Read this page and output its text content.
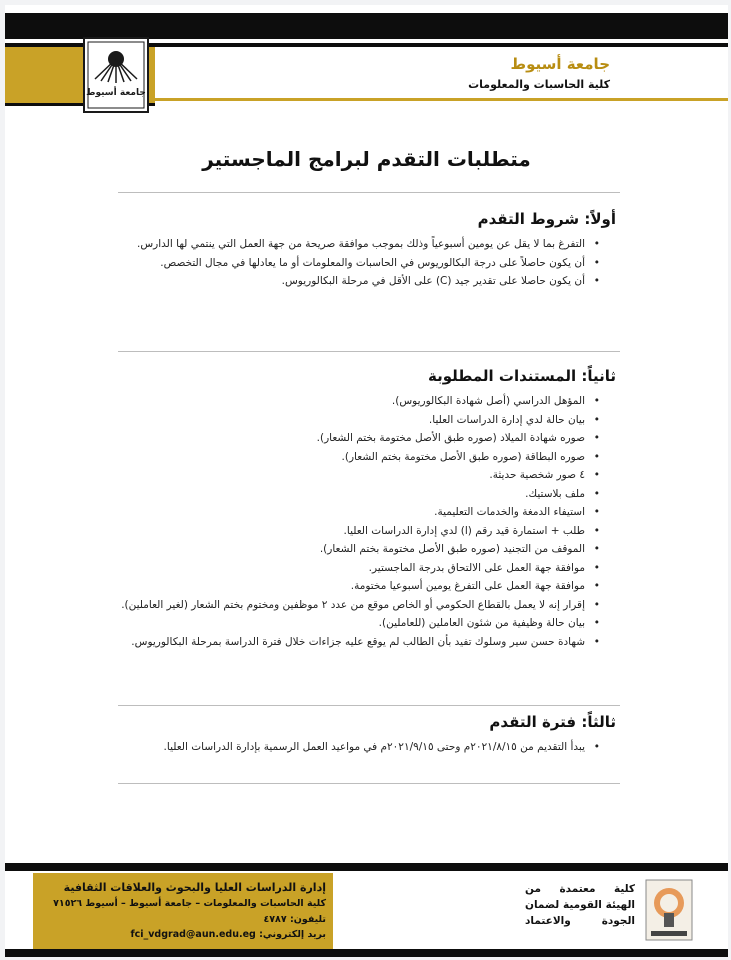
جامعة أسيوط
جامعة أسيوط
كلية الحاسبات والمعلومات
متطلبات التقدم لبرامج الماجستير
أولاً: شروط التقدم
• التفرغ بما لا يقل عن يومين أسبوعياً وذلك بموجب موافقة صريحة من جهة العمل التي ينتمي لها الدارس.
• أن يكون حاصلاً على درجة البكالوريوس في الحاسبات والمعلومات أو ما يعادلها في مجال التخصص.
• أن يكون حاصلا على تقدير جيد (C) على الأقل في مرحلة البكالوريوس.
ثانياً: المستندات المطلوبة
• المؤهل الدراسي (أصل شهادة البكالوريوس).
• بيان حالة لدي إدارة الدراسات العليا.
• صوره شهادة الميلاد (صوره طبق الأصل مختومة بختم الشعار).
• صوره البطاقة (صوره طبق الأصل مختومة بختم الشعار).
• ٤ صور شخصية حديثة.
• ملف بلاستيك.
• استيفاء الدمغة والخدمات التعليمية.
• طلب + استمارة قيد رقم (ا) لدي إدارة الدراسات العليا.
• الموقف من التجنيد (صوره طبق الأصل مختومة بختم الشعار).
• موافقة جهة العمل على الالتحاق بدرجة الماجستير.
• موافقة جهة العمل على التفرغ يومين أسبوعيا مختومة.
• إقرار إنه لا يعمل بالقطاع الحكومي أو الخاص موقع من عدد ٢ موظفين ومختوم بختم الشعار (لغير العاملين).
• بيان حالة وظيفية من شئون العاملين (للعاملين).
• شهادة حسن سير وسلوك تفيد بأن الطالب لم يوقع عليه جزاءات خلال فترة الدراسة بمرحلة البكالوريوس.
ثالثاً: فترة التقدم
• يبدأ التقديم من ٢٠٢١/٨/١٥م وحتى ٢٠٢١/٩/١٥م في مواعيد العمل الرسمية بإدارة الدراسات العليا.
إدارة الدراسات العليا والبحوث والعلاقات الثقافية
كلية الحاسبات والمعلومات – جامعة أسيوط – أسيوط ٧١٥٢٦
تليفون: ٤٧٨٧
بريد إلكتروني: fci_vdgrad@aun.edu.eg
كلية معتمدة من الهيئة القومية لضمان الجودة والاعتماد
